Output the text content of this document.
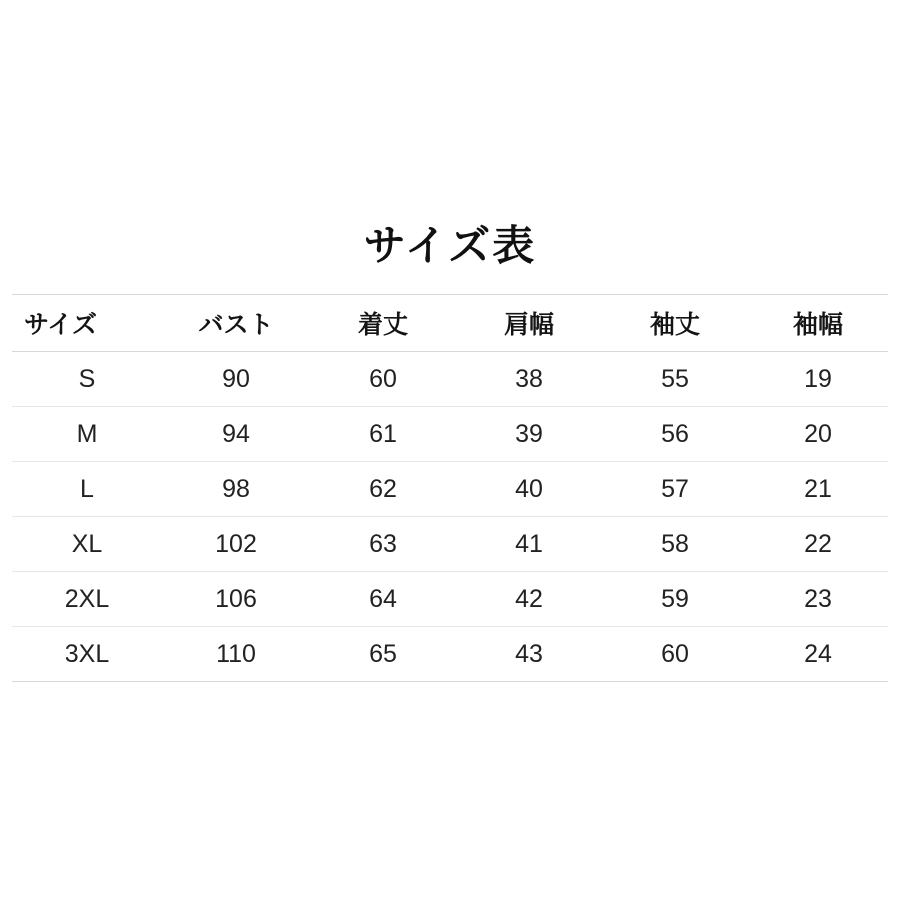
サイズ表
サイズ	バスト	着丈	肩幅	袖丈	袖幅
S	90	60	38	55	19
M	94	61	39	56	20
L	98	62	40	57	21
XL	102	63	41	58	22
2XL	106	64	42	59	23
3XL	110	65	43	60	24
